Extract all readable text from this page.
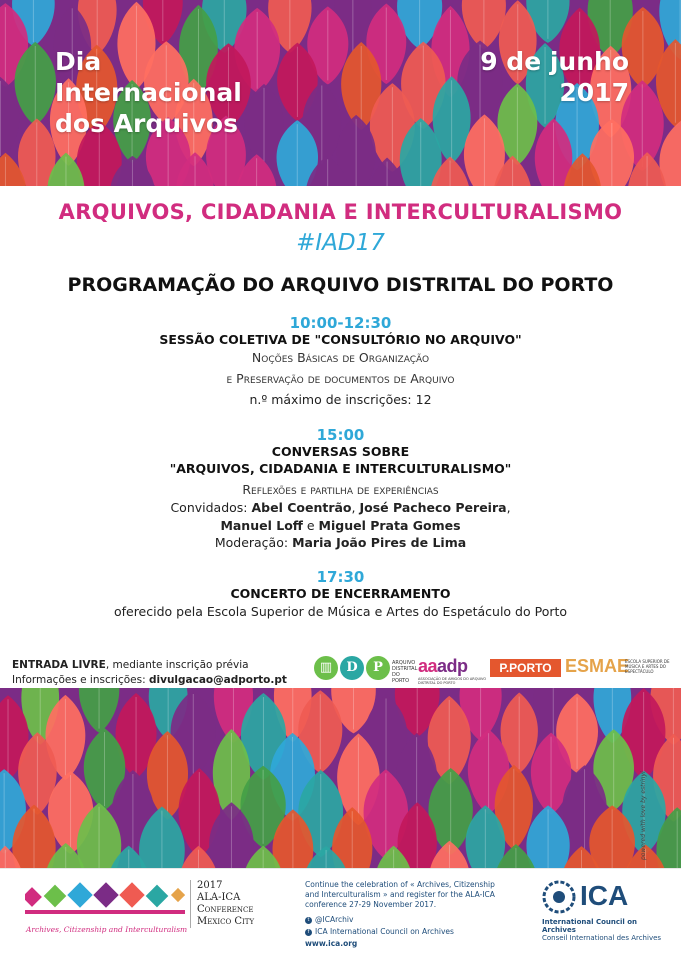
Dia
Internacional
dos Arquivos
9 de junho
2017
ARQUIVOS, CIDADANIA E INTERCULTURALISMO
#IAD17
PROGRAMAÇÃO DO ARQUIVO DISTRITAL DO PORTO
10:00-12:30
SESSÃO COLETIVA DE "CONSULTÓRIO NO ARQUIVO"
Noções Básicas de Organização
e Preservação de documentos de Arquivo
n.º máximo de inscrições: 12
15:00
CONVERSAS SOBRE
"ARQUIVOS, CIDADANIA E INTERCULTURALISMO"
Reflexões e partilha de experiências
Convidados: Abel Coentrão, José Pacheco Pereira,
Manuel Loff e Miguel Prata Gomes
Moderação: Maria João Pires de Lima
17:30
CONCERTO DE ENCERRAMENTO
oferecido pela Escola Superior de Música e Artes do Espetáculo do Porto
ENTRADA LIVRE, mediante inscrição prévia
Informações e inscrições: divulgacao@adporto.pt
▥	D	P	ARQUIVO DISTRITAL DO PORTO
aaadp
ASSOCIAÇÃO DE AMIGOS DO ARQUIVO DISTRITAL DO PORTO
P.PORTO ESMAE
ESCOLA SUPERIOR DE MÚSICA E ARTES DO ESPECTÁCULO
powered with love by estrinyi
Archives, Citizenship and Interculturalism
2017
ALA-ICA
Conference
Mexico City
Continue the celebration of « Archives, Citizenship
and Interculturalism » and register for the ALA-ICA
conference 27-29 November 2017.
t @ICArchiv
f ICA International Council on Archives
www.ica.org
ICA
International Council on Archives
Conseil International des Archives
